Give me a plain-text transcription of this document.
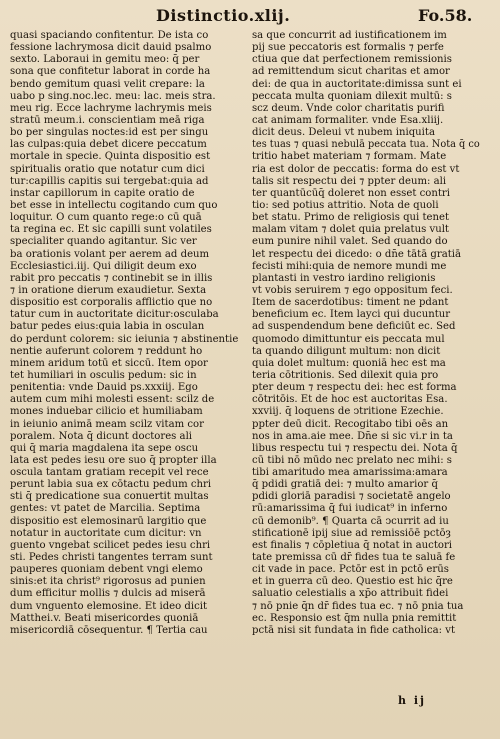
Distinctio.xlij.	Fo.58.
quasi spaciando confitentur. De ista co
fessione lachrymosa dicit dauid psalmo
sexto. Laboraui in gemitu meo: q̄ per
sona que confitetur laborat in corde ha
bendo gemitum quasi velit crepare: la
uabo p sing.noc.lec. meu: lac. meis stra.
meu rig. Ecce lachryme lachrymis meis
stratū meum.i. conscientiam meā riga
bo per singulas noctes:id est per singu
las culpas:quia debet dicere peccatum
mortale in specie. Quinta dispositio est
spiritualis oratio que notatur cum dici
tur:capillis capitis sui tergebat:quia ad
instar capillorum in capite oratio de
bet esse in intellectu cogitando cum quo
loquitur. O cum quanto rege:o cū quā
ta regina ec. Et sic capilli sunt volatiles
specialiter quando agitantur. Sic ver
ba orationis volant per aerem ad deum
Ecclesiastici.iij. Qui diligit deum exo
rabit pro peccatis ⁊ continebit se in illis
⁊ in oratione dierum exaudietur. Sexta
dispositio est corporalis afflictio que no
tatur cum in auctoritate dicitur:osculaba
batur pedes eius:quia labia in osculan
do perdunt colorem: sic ieiunia ⁊ abstinentie
nentie auferunt colorem ⁊ reddunt ho
minem aridum totū et siccū. Item opor
tet humiliari in osculis pedum: sic in
penitentia: vnde Dauid ps.xxxiij. Ego
autem cum mihi molesti essent: scilz de
mones induebar cilicio et humiliabam
in ieiunio animā meam scilz vitam cor
poralem. Nota q̄ dicunt doctores ali
qui q̄ maria magdalena ita sepe oscu
lata est pedes iesu ore suo q̄ propter illa
oscula tantam gratiam recepit vel rece
perunt labia sua ex cōtactu pedum chri
sti q̄ predicatione sua conuertit multas
gentes: vt patet de Marcilia. Septima
dispositio est elemosinarū largitio que
notatur in auctoritate cum dicitur: vn
guento vngebat scilicet pedes iesu chri
sti. Pedes christi tangentes terram sunt
pauperes quoniam debent vngi elemo
sinis:et ita christ⁹ rigorosus ad punien
dum efficitur mollis ⁊ dulcis ad miserā
dum vnguento elemosine. Et ideo dicit
Matthei.v. Beati misericordes quoniā
misericordiā cōsequentur. ¶ Tertia cau
sa que concurrit ad iustificationem im
pij sue peccatoris est formalis ⁊ perfe
ctiua que dat perfectionem remissionis
ad remittendum sicut charitas et amor
dei: de qua in auctoritate:dimissa sunt ei
peccata multa quoniam dilexit multū: s
scz deum. Vnde color charitatis purifi
cat animam formaliter. vnde Esa.xliij.
dicit deus. Deleui vt nubem iniquita
tes tuas ⁊ quasi nebulā peccata tua. Nota q̄ co
tritio habet materiam ⁊ formam. Mate
ria est dolor de peccatis: forma do est vt
talis sit respectu dei ⁊ ppter deum: ali
ter quantūcūq̄ doleret non esset contri
tio: sed potius attritio. Nota de quoli
bet statu. Primo de religiosis qui tenet
malam vitam ⁊ dolet quia prelatus vult
eum punire nihil valet. Sed quando do
let respectu dei dicedo: o dn̄e tātā gratiā
fecisti mihi:quia de nemore mundi me
plantasti in vestro iardino religionis
vt vobis seruirem ⁊ ego oppositum feci.
Item de sacerdotibus: timent ne pdant
beneficium ec. Item layci qui ducuntur
ad suspendendum bene deficiūt ec. Sed
quomodo dimittuntur eis peccata mul
ta quando diligunt multum: non dicit
quia dolet multum: quoniā hec est ma
teria cōtritionis. Sed dilexit quia pro
pter deum ⁊ respectu dei: hec est forma
cōtritōis. Et de hoc est auctoritas Esa.
xxviij. q̄ loquens de ↄtritione Ezechie.
ppter deū dicit. Recogitabo tibi oēs an
nos in ama.aie mee. Dn̄e si sic vi.r in ta
libus respectu tui ⁊ respectu dei. Nota q̄
cū tibi nō mūdo nec prelato nec mihi: s
tibi amaritudo mea amarissima:amara
q̄ pdidi gratiā dei: ⁊ multo amarior q̄
pdidi gloriā paradisi ⁊ societatē angelo
rū:amarissima q̄ fui iudicat⁹ in inferno
cū demonib⁹. ¶ Quarta cā ↄcurrit ad iu
stificationē ipij siue ad remissiōē pctōȝ
est finalis ⁊ cōpletiua q̄ notat in auctori
tate premissa cū dr̄ fides tua te saluā fe
cit vade in pace. Pctōr est in pctō erūs
et in guerra cū deo. Questio est hic q̄re
saluatio celestialis a xp̄o attribuit fidei
⁊ nō pnie q̄n dr̄ fides tua ec. ⁊ nō pnia tua
ec. Responsio est q̄m nulla pnia remittit
pctā nisi sit fundata in fide catholica: vt
h ij
